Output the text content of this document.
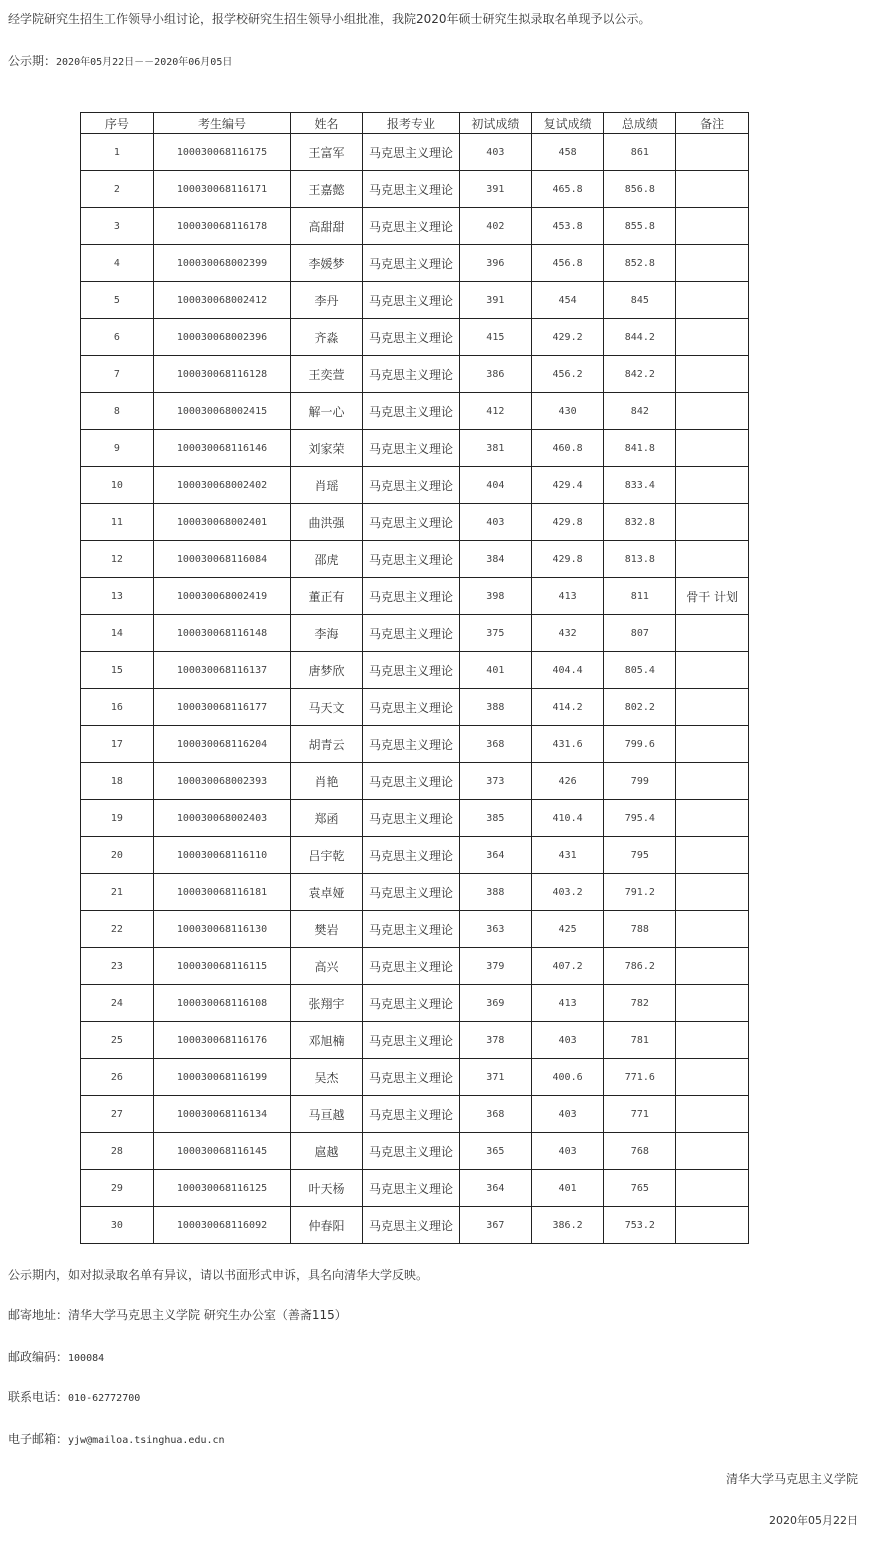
经学院研究生招生工作领导小组讨论，报学校研究生招生领导小组批准，我院2020年硕士研究生拟录取名单现予以公示。
公示期：2020年05月22日－－2020年06月05日
序号	考生编号	姓名	报考专业	初试成绩	复试成绩	总成绩	备注
1	100030068116175	王富军	马克思主义理论	403	458	861	
2	100030068116171	王嘉懿	马克思主义理论	391	465.8	856.8	
3	100030068116178	高甜甜	马克思主义理论	402	453.8	855.8	
4	100030068002399	李媛梦	马克思主义理论	396	456.8	852.8	
5	100030068002412	李丹	马克思主义理论	391	454	845	
6	100030068002396	齐淼	马克思主义理论	415	429.2	844.2	
7	100030068116128	王奕萱	马克思主义理论	386	456.2	842.2	
8	100030068002415	解一心	马克思主义理论	412	430	842	
9	100030068116146	刘家荣	马克思主义理论	381	460.8	841.8	
10	100030068002402	肖瑶	马克思主义理论	404	429.4	833.4	
11	100030068002401	曲洪强	马克思主义理论	403	429.8	832.8	
12	100030068116084	邵虎	马克思主义理论	384	429.8	813.8	
13	100030068002419	董正有	马克思主义理论	398	413	811	骨干 计划
14	100030068116148	李海	马克思主义理论	375	432	807	
15	100030068116137	唐梦欣	马克思主义理论	401	404.4	805.4	
16	100030068116177	马天文	马克思主义理论	388	414.2	802.2	
17	100030068116204	胡青云	马克思主义理论	368	431.6	799.6	
18	100030068002393	肖艳	马克思主义理论	373	426	799	
19	100030068002403	郑函	马克思主义理论	385	410.4	795.4	
20	100030068116110	吕宇乾	马克思主义理论	364	431	795	
21	100030068116181	袁卓娅	马克思主义理论	388	403.2	791.2	
22	100030068116130	樊岩	马克思主义理论	363	425	788	
23	100030068116115	高兴	马克思主义理论	379	407.2	786.2	
24	100030068116108	张翔宇	马克思主义理论	369	413	782	
25	100030068116176	邓旭楠	马克思主义理论	378	403	781	
26	100030068116199	吴杰	马克思主义理论	371	400.6	771.6	
27	100030068116134	马亘越	马克思主义理论	368	403	771	
28	100030068116145	扈越	马克思主义理论	365	403	768	
29	100030068116125	叶天杨	马克思主义理论	364	401	765	
30	100030068116092	仲春阳	马克思主义理论	367	386.2	753.2	
公示期内，如对拟录取名单有异议，请以书面形式申诉，具名向清华大学反映。
邮寄地址：清华大学马克思主义学院 研究生办公室（善斋115）
邮政编码：100084
联系电话：010-62772700
电子邮箱：yjw@mailoa.tsinghua.edu.cn
清华大学马克思主义学院
2020年05月22日
